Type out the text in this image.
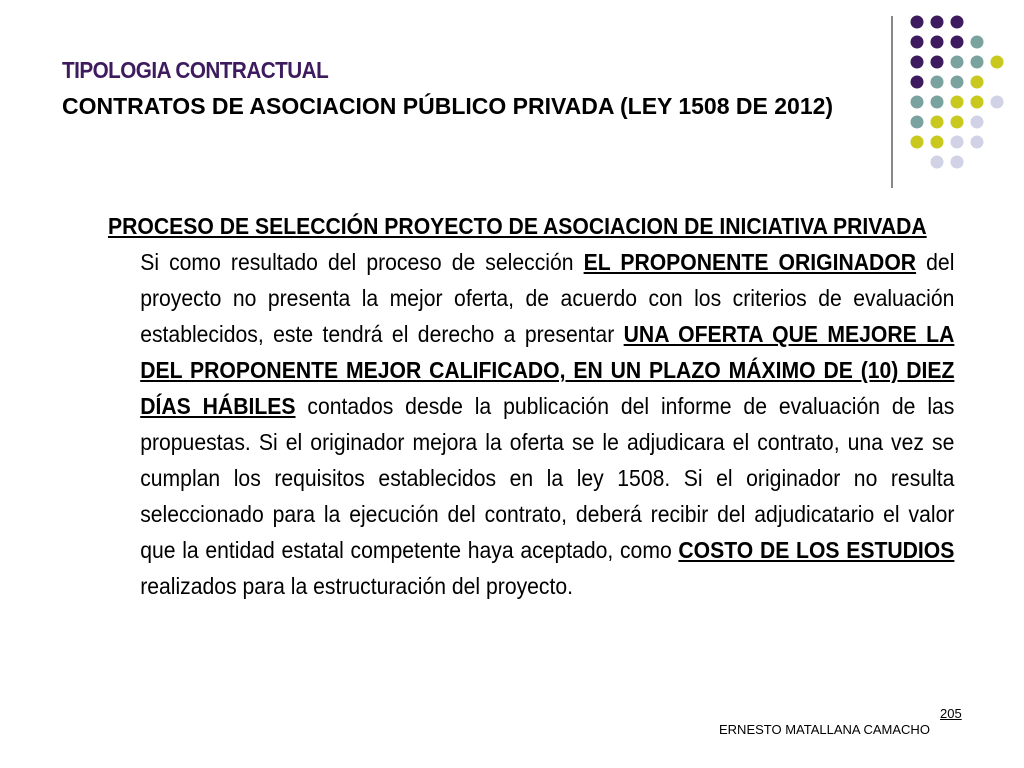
TIPOLOGIA CONTRACTUAL
CONTRATOS DE ASOCIACION PÚBLICO PRIVADA (LEY 1508 DE 2012)

PROCESO DE SELECCIÓN PROYECTO DE ASOCIACION DE INICIATIVA PRIVADA

Si como resultado del proceso de selección EL PROPONENTE ORIGINADOR del proyecto no presenta la mejor oferta, de acuerdo con los criterios de evaluación establecidos, este tendrá el derecho a presentar UNA OFERTA QUE MEJORE LA DEL PROPONENTE MEJOR CALIFICADO, EN UN PLAZO MÁXIMO DE (10) DIEZ DÍAS HÁBILES contados desde la publicación del informe de evaluación de las propuestas. Si el originador mejora la oferta se le adjudicara el contrato, una vez se cumplan los requisitos establecidos en la ley 1508. Si el originador no resulta seleccionado para la ejecución del contrato, deberá recibir del adjudicatario el valor que la entidad estatal competente haya aceptado, como COSTO DE LOS ESTUDIOS realizados para la estructuración del proyecto.

205
ERNESTO MATALLANA CAMACHO
